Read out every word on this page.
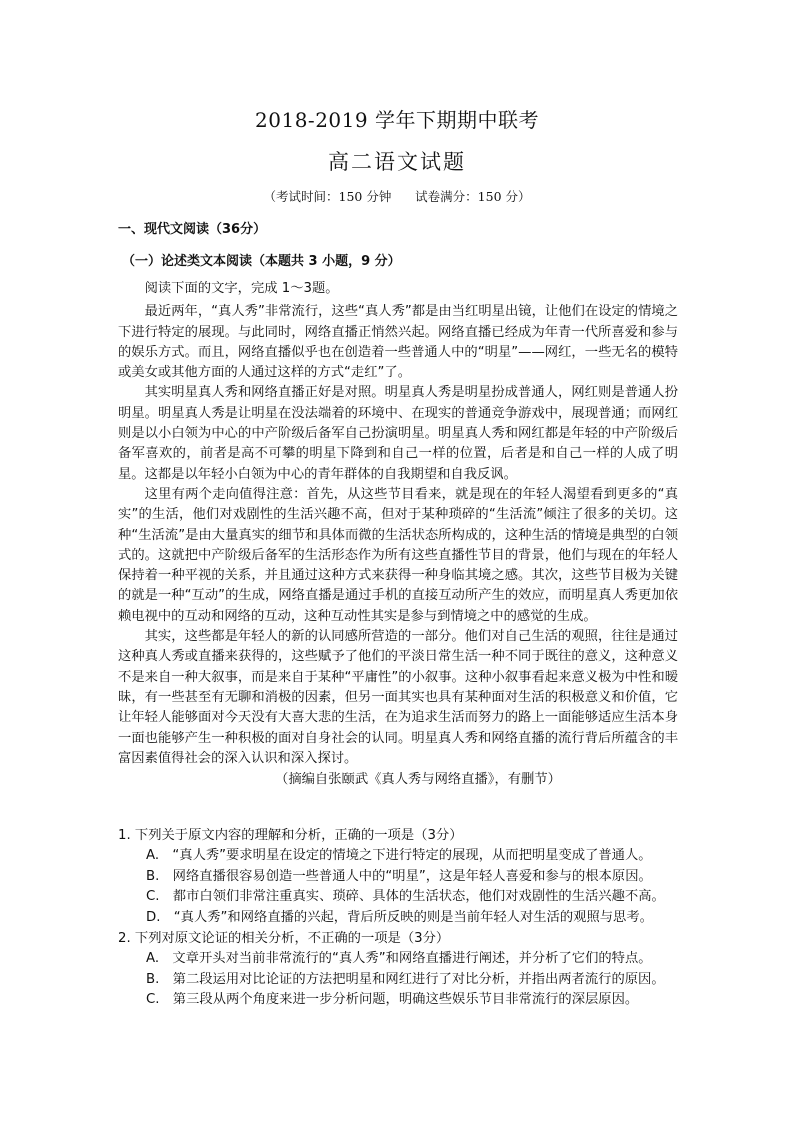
2018-2019 学年下期期中联考
高二语文试题
（考试时间：150 分钟      试卷满分：150 分）
一、现代文阅读（36分）
（一）论述类文本阅读（本题共 3 小题，9 分）

阅读下面的文字，完成 1～3题。

最近两年，“真人秀”非常流行，这些“真人秀”都是由当红明星出镜，让他们在设定的情境之下进行特定的展现。与此同时，网络直播正悄然兴起。网络直播已经成为年青一代所喜爱和参与的娱乐方式。而且，网络直播似乎也在创造着一些普通人中的“明星”——网红，一些无名的模特或美女或其他方面的人通过这样的方式“走红”了。

其实明星真人秀和网络直播正好是对照。明星真人秀是明星扮成普通人，网红则是普通人扮明星。明星真人秀是让明星在没法端着的环境中、在现实的普通竞争游戏中，展现普通；而网红则是以小白领为中心的中产阶级后备军自己扮演明星。明星真人秀和网红都是年轻的中产阶级后备军喜欢的，前者是高不可攀的明星下降到和自己一样的位置，后者是和自己一样的人成了明星。这都是以年轻小白领为中心的青年群体的自我期望和自我反讽。

这里有两个走向值得注意：首先，从这些节目看来，就是现在的年轻人渴望看到更多的“真实”的生活，他们对戏剧性的生活兴趣不高，但对于某种琐碎的“生活流”倾注了很多的关切。这种“生活流”是由大量真实的细节和具体而微的生活状态所构成的，这种生活的情境是典型的白领式的。这就把中产阶级后备军的生活形态作为所有这些直播性节目的背景，他们与现在的年轻人保持着一种平视的关系，并且通过这种方式来获得一种身临其境之感。其次，这些节目极为关键的就是一种“互动”的生成，网络直播是通过手机的直接互动所产生的效应，而明星真人秀更加依赖电视中的互动和网络的互动，这种互动性其实是参与到情境之中的感觉的生成。

其实，这些都是年轻人的新的认同感所营造的一部分。他们对自己生活的观照，往往是通过这种真人秀或直播来获得的，这些赋予了他们的平淡日常生活一种不同于既往的意义，这种意义不是来自一种大叙事，而是来自于某种“平庸性”的小叙事。这种小叙事看起来意义极为中性和暧昧，有一些甚至有无聊和消极的因素，但另一面其实也具有某种面对生活的积极意义和价值，它让年轻人能够面对今天没有大喜大悲的生活，在为追求生活而努力的路上一面能够适应生活本身一面也能够产生一种积极的面对自身社会的认同。明星真人秀和网络直播的流行背后所蕴含的丰富因素值得社会的深入认识和深入探讨。

（摘编自张颐武《真人秀与网络直播》，有删节）

1. 下列关于原文内容的理解和分析，正确的一项是（3分）

A.　“真人秀”要求明星在设定的情境之下进行特定的展现，从而把明星变成了普通人。

B.　网络直播很容易创造一些普通人中的“明星”，这是年轻人喜爱和参与的根本原因。

C.　都市白领们非常注重真实、琐碎、具体的生活状态，他们对戏剧性的生活兴趣不高。

D.　“真人秀”和网络直播的兴起，背后所反映的则是当前年轻人对生活的观照与思考。

2. 下列对原文论证的相关分析，不正确的一项是（3分）

A.　文章开头对当前非常流行的“真人秀”和网络直播进行阐述，并分析了它们的特点。

B.　第二段运用对比论证的方法把明星和网红进行了对比分析，并指出两者流行的原因。

C.　第三段从两个角度来进一步分析问题，明确这些娱乐节目非常流行的深层原因。
